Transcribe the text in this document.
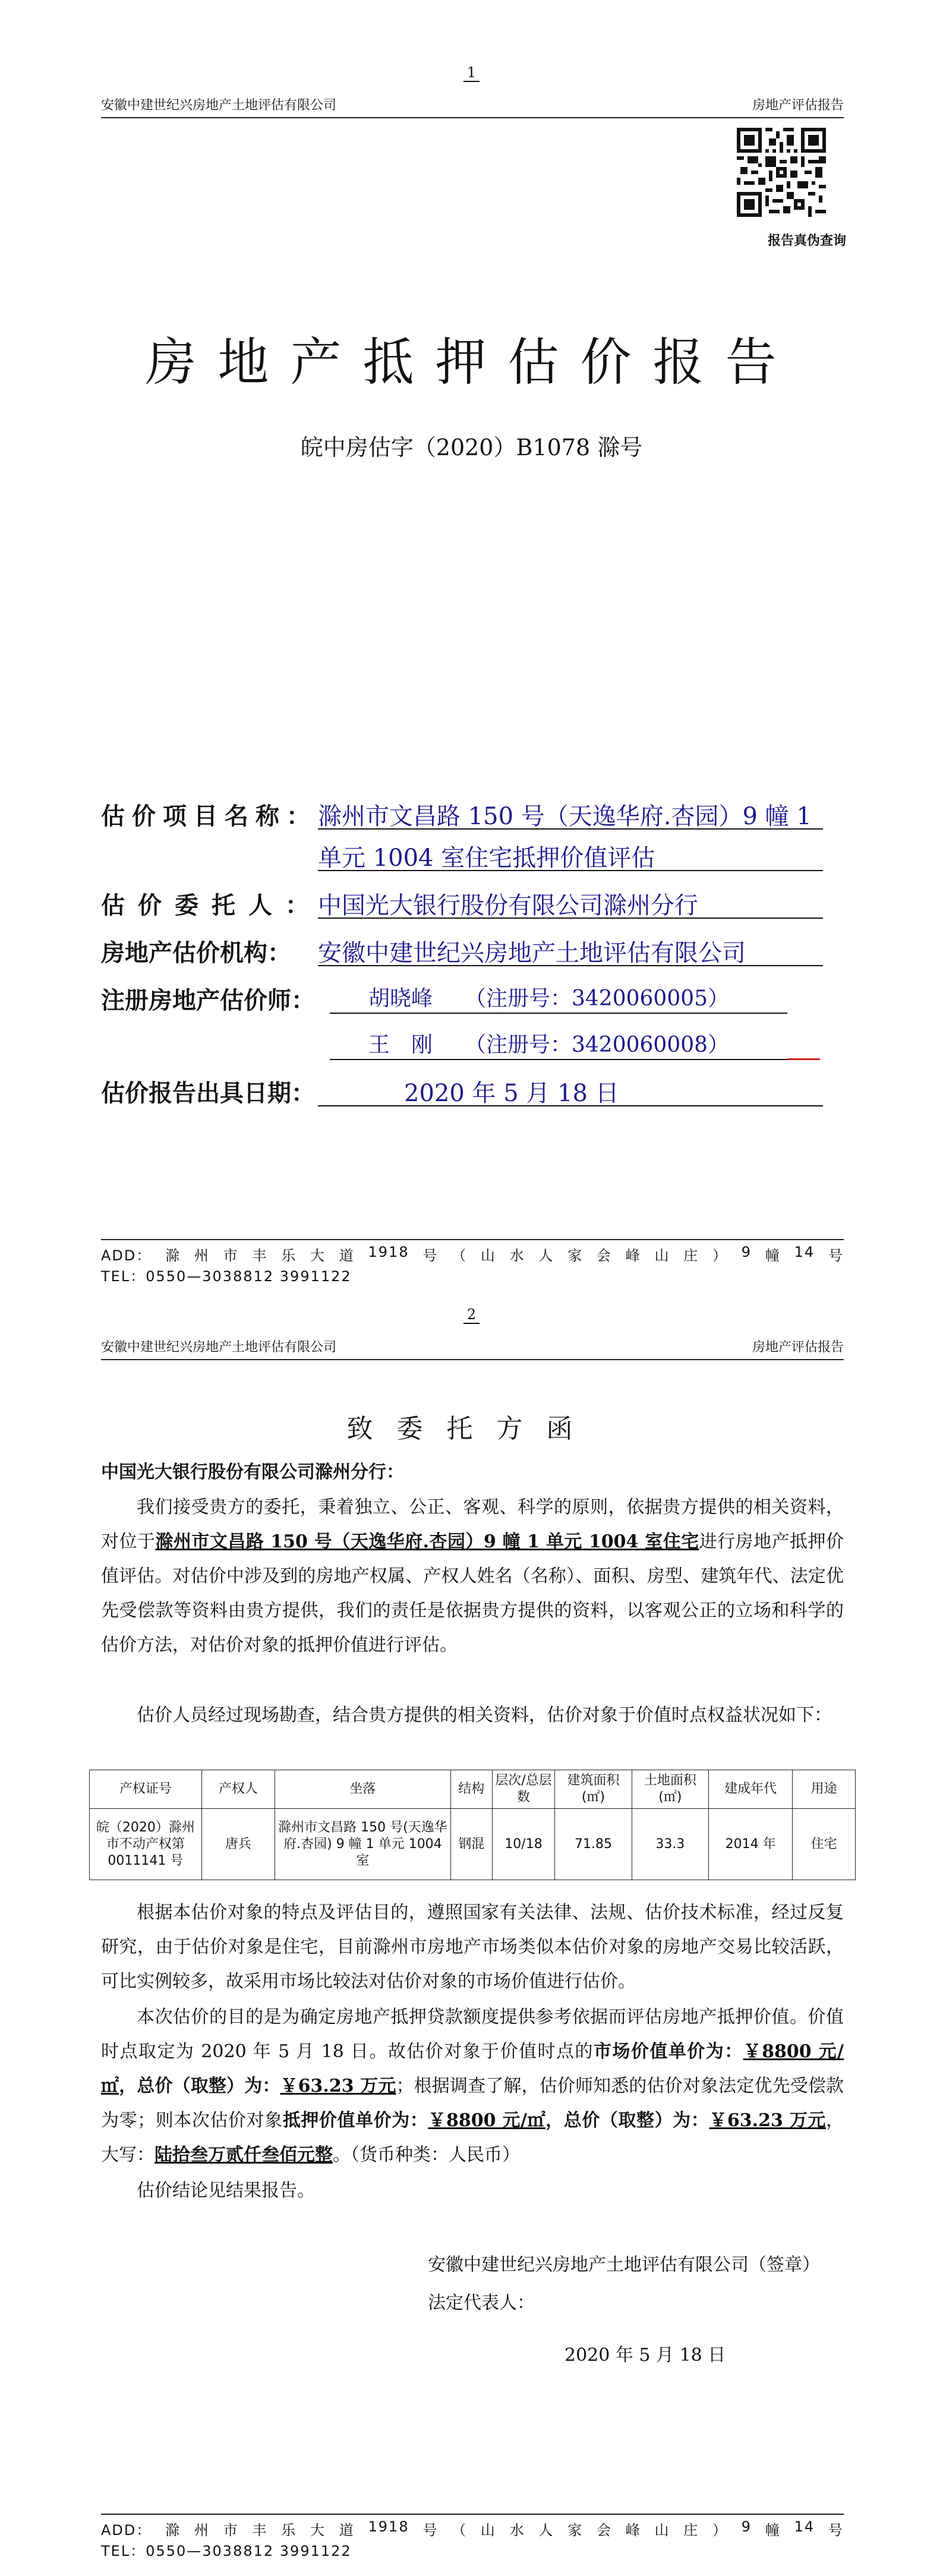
1
安徽中建世纪兴房地产土地评估有限公司	房地产评估报告
报告真伪查询
房地产抵押估价报告
皖中房估字（2020）B1078 滁号
估价项目名称： 滁州市文昌路 150 号（天逸华府.杏园）9 幢 1
单元 1004 室住宅抵押价值评估
估价委托人：
中国光大银行股份有限公司滁州分行
房地产估价机构： 安徽中建世纪兴房地产土地评估有限公司
注册房地产估价师：	胡晓峰　　（注册号：3420060005）
王　刚　　（注册号：3420060008）
估价报告出具日期：	2020 年 5 月 18 日
ADD： 滁 州 市 丰 乐 大 道 1918 号 （ 山 水 人 家 会 峰 山 庄 ） 9 幢 14 号
TEL：0550—3038812 3991122
2
安徽中建世纪兴房地产土地评估有限公司	房地产评估报告
致委托方函
中国光大银行股份有限公司滁州分行：
我们接受贵方的委托，秉着独立、公正、客观、科学的原则，依据贵方提供的相关资料，对位于滁州市文昌路 150 号（天逸华府.杏园）9 幢 1 单元 1004 室住宅进行房地产抵押价值评估。对估价中涉及到的房地产权属、产权人姓名（名称）、面积、房型、建筑年代、法定优先受偿款等资料由贵方提供，我们的责任是依据贵方提供的资料，以客观公正的立场和科学的估价方法，对估价对象的抵押价值进行评估。
估价人员经过现场勘查，结合贵方提供的相关资料，估价对象于价值时点权益状况如下：
产权证号	产权人	坐落	结构	层次/总层数	建筑面积(㎡)	土地面积(㎡)	建成年代	用途
皖（2020）滁州市不动产权第0011141 号	唐兵	滁州市文昌路 150 号(天逸华府.杏园) 9 幢 1 单元 1004 室	钢混	10/18	71.85	33.3	2014 年	住宅
根据本估价对象的特点及评估目的，遵照国家有关法律、法规、估价技术标准，经过反复研究，由于估价对象是住宅，目前滁州市房地产市场类似本估价对象的房地产交易比较活跃，可比实例较多，故采用市场比较法对估价对象的市场价值进行估价。
本次估价的目的是为确定房地产抵押贷款额度提供参考依据而评估房地产抵押价值。价值时点取定为 2020 年 5 月 18 日。故估价对象于价值时点的市场价值单价为：￥8800 元/㎡，总价（取整）为：￥63.23 万元；根据调查了解，估价师知悉的估价对象法定优先受偿款为零；则本次估价对象抵押价值单价为：￥8800 元/㎡，总价（取整）为：￥63.23 万元，大写：陆拾叁万贰仟叁佰元整。（货币种类：人民币）
估价结论见结果报告。
安徽中建世纪兴房地产土地评估有限公司（签章）
法定代表人：
2020 年 5 月 18 日
ADD： 滁 州 市 丰 乐 大 道 1918 号 （ 山 水 人 家 会 峰 山 庄 ） 9 幢 14 号
TEL：0550—3038812 3991122
